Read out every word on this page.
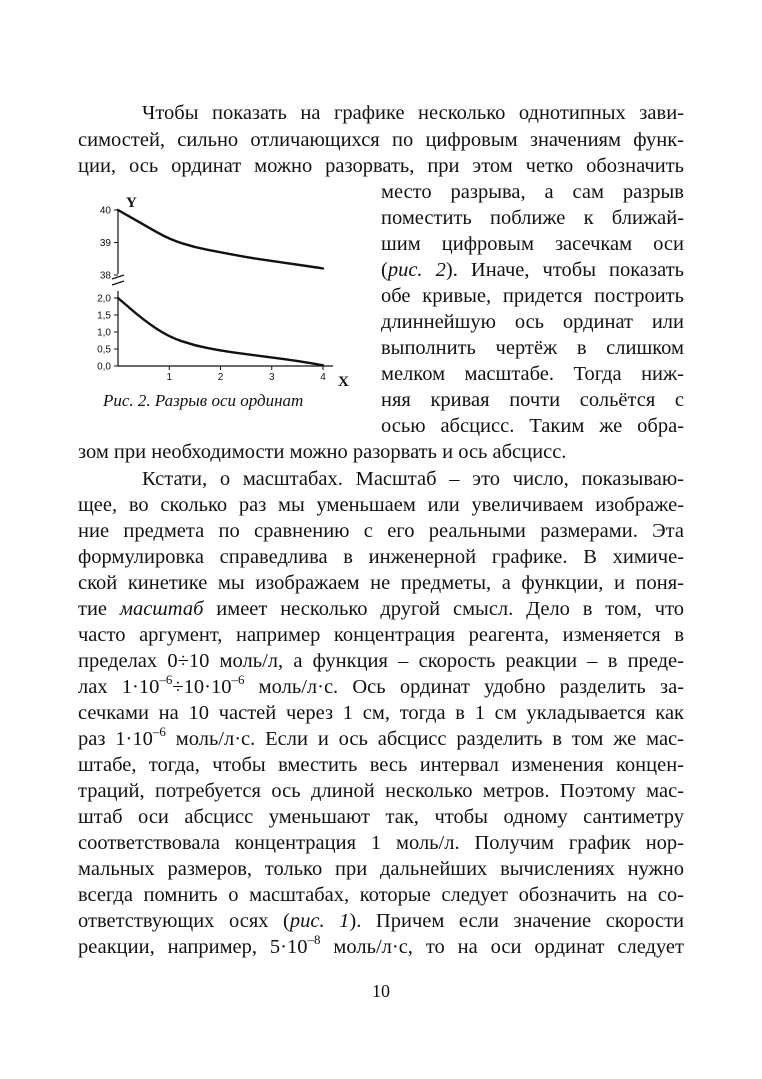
Чтобы показать на графике несколько однотипных зави-
симостей, сильно отличающихся по цифровым значениям функ-
ции, ось ординат можно разорвать, при этом четко обозначить
место разрыва, а сам разрыв
поместить поближе к ближай-
шим цифровым засечкам оси
(рис. 2). Иначе, чтобы показать
обе кривые, придется построить
длиннейшую ось ординат или
выполнить чертёж в слишком
мелком масштабе. Тогда ниж-
няя кривая почти сольётся с
осью абсцисс. Таким же обра-
зом при необходимости можно разорвать и ось абсцисс.
Кстати, о масштабах. Масштаб – это число, показываю-
щее, во сколько раз мы уменьшаем или увеличиваем изображе-
ние предмета по сравнению с его реальными размерами. Эта
формулировка справедлива в инженерной графике. В химиче-
ской кинетике мы изображаем не предметы, а функции, и поня-
тие масштаб имеет несколько другой смысл. Дело в том, что
часто аргумент, например концентрация реагента, изменяется в
пределах 0÷10 моль/л, а функция – скорость реакции – в преде-
лах $1\cdot 10^{-6}\div 10\cdot 10^{-6}$ моль/л·с. Ось ординат удобно разделить за-
сечками на 10 частей через 1 см, тогда в 1 см укладывается как
раз $1\cdot 10^{-6}$ моль/л·с. Если и ось абсцисс разделить в том же мас-
штабе, тогда, чтобы вместить весь интервал изменения концен-
траций, потребуется ось длиной несколько метров. Поэтому мас-
штаб оси абсцисс уменьшают так, чтобы одному сантиметру
соответствовала концентрация 1 моль/л. Получим график нор-
мальных размеров, только при дальнейших вычислениях нужно
всегда помнить о масштабах, которые следует обозначить на со-
ответствующих осях (рис. 1). Причем если значение скорости
реакции, например, $5\cdot 10^{-8}$ моль/л·с, то на оси ординат следует
40
39
38
2,0
1,5
1,0
0,5
0,0
1	2	3	4
Y
X
Рис. 2. Разрыв оси ординат
10
